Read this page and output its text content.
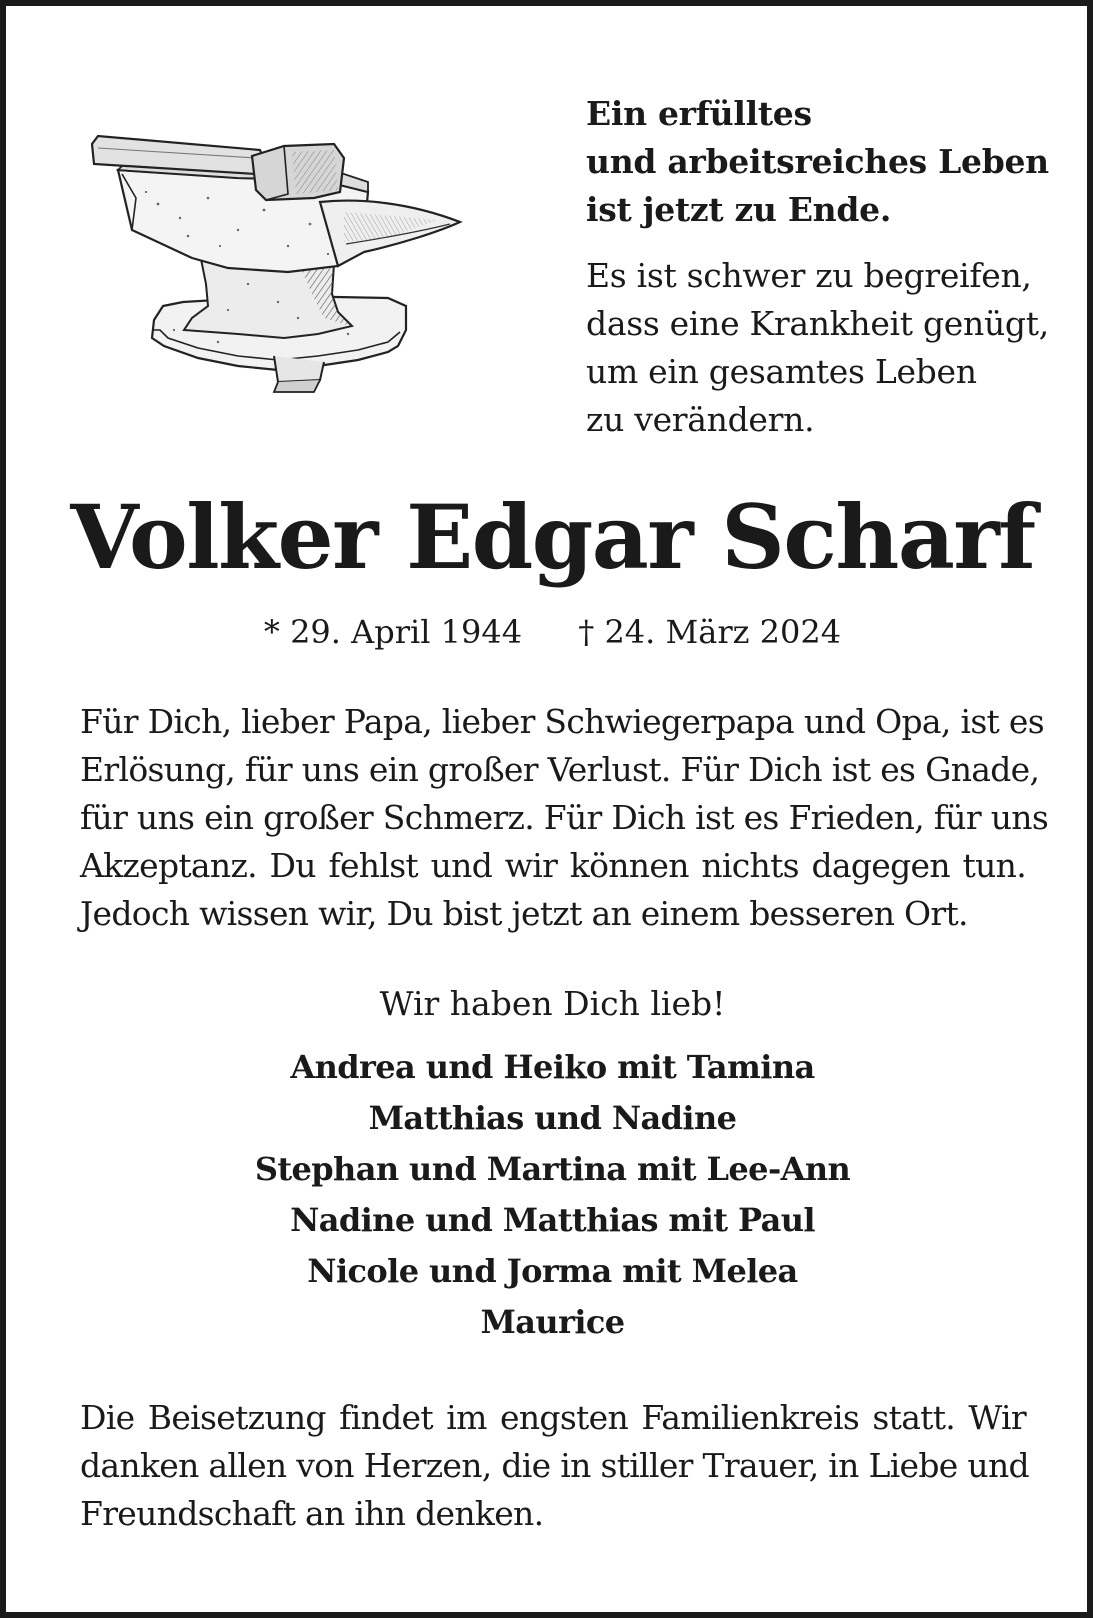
Ein erfülltes
und arbeitsreiches Leben
ist jetzt zu Ende.

Es ist schwer zu begreifen,
dass eine Krankheit genügt,
um ein gesamtes Leben
zu verändern.

Volker Edgar Scharf
* 29. April 1944 † 24. März 2024

Für Dich, lieber Papa, lieber Schwiegerpapa und Opa, ist es
Erlösung, für uns ein großer Verlust. Für Dich ist es Gnade,
für uns ein großer Schmerz. Für Dich ist es Frieden, für uns
Akzeptanz. Du fehlst und wir können nichts dagegen tun.
Jedoch wissen wir, Du bist jetzt an einem besseren Ort.

Wir haben Dich lieb!

Andrea und Heiko mit Tamina
Matthias und Nadine
Stephan und Martina mit Lee-Ann
Nadine und Matthias mit Paul
Nicole und Jorma mit Melea
Maurice

Die Beisetzung findet im engsten Familienkreis statt. Wir
danken allen von Herzen, die in stiller Trauer, in Liebe und
Freundschaft an ihn denken.
